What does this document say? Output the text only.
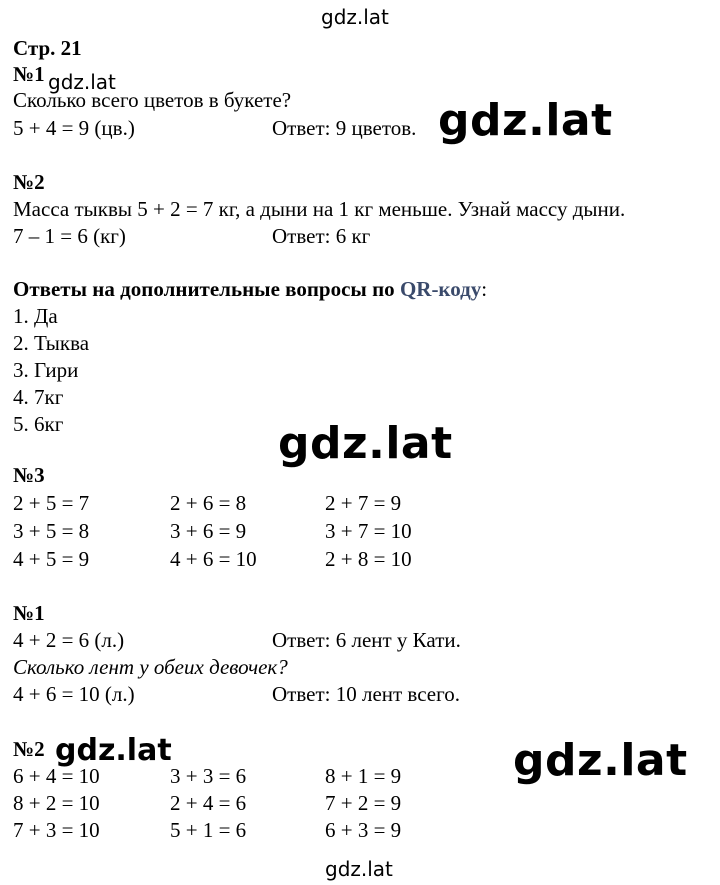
gdz.lat
gdz.lat
gdz.lat
gdz.lat
gdz.lat
gdz.lat
gdz.lat
Стр. 21
№1
Сколько всего цветов в букете?
5 + 4 = 9 (цв.)	Ответ: 9 цветов.
№2
Масса тыквы 5 + 2 = 7 кг, а дыни на 1 кг меньше. Узнай массу дыни.
7 – 1 = 6 (кг)	Ответ: 6 кг
Ответы на дополнительные вопросы по QR-коду:
1. Да
2. Тыква
3. Гири
4. 7кг
5. 6кг
№3
2 + 5 = 7	2 + 6 = 8	2 + 7 = 9
3 + 5 = 8	3 + 6 = 9	3 + 7 = 10
4 + 5 = 9	4 + 6 = 10	2 + 8 = 10
№1
4 + 2 = 6 (л.)	Ответ: 6 лент у Кати.
Сколько лент у обеих девочек?
4 + 6 = 10 (л.)	Ответ: 10 лент всего.
№2
6 + 4 = 10	3 + 3 = 6	8 + 1 = 9
8 + 2 = 10	2 + 4 = 6	7 + 2 = 9
7 + 3 = 10	5 + 1 = 6	6 + 3 = 9
